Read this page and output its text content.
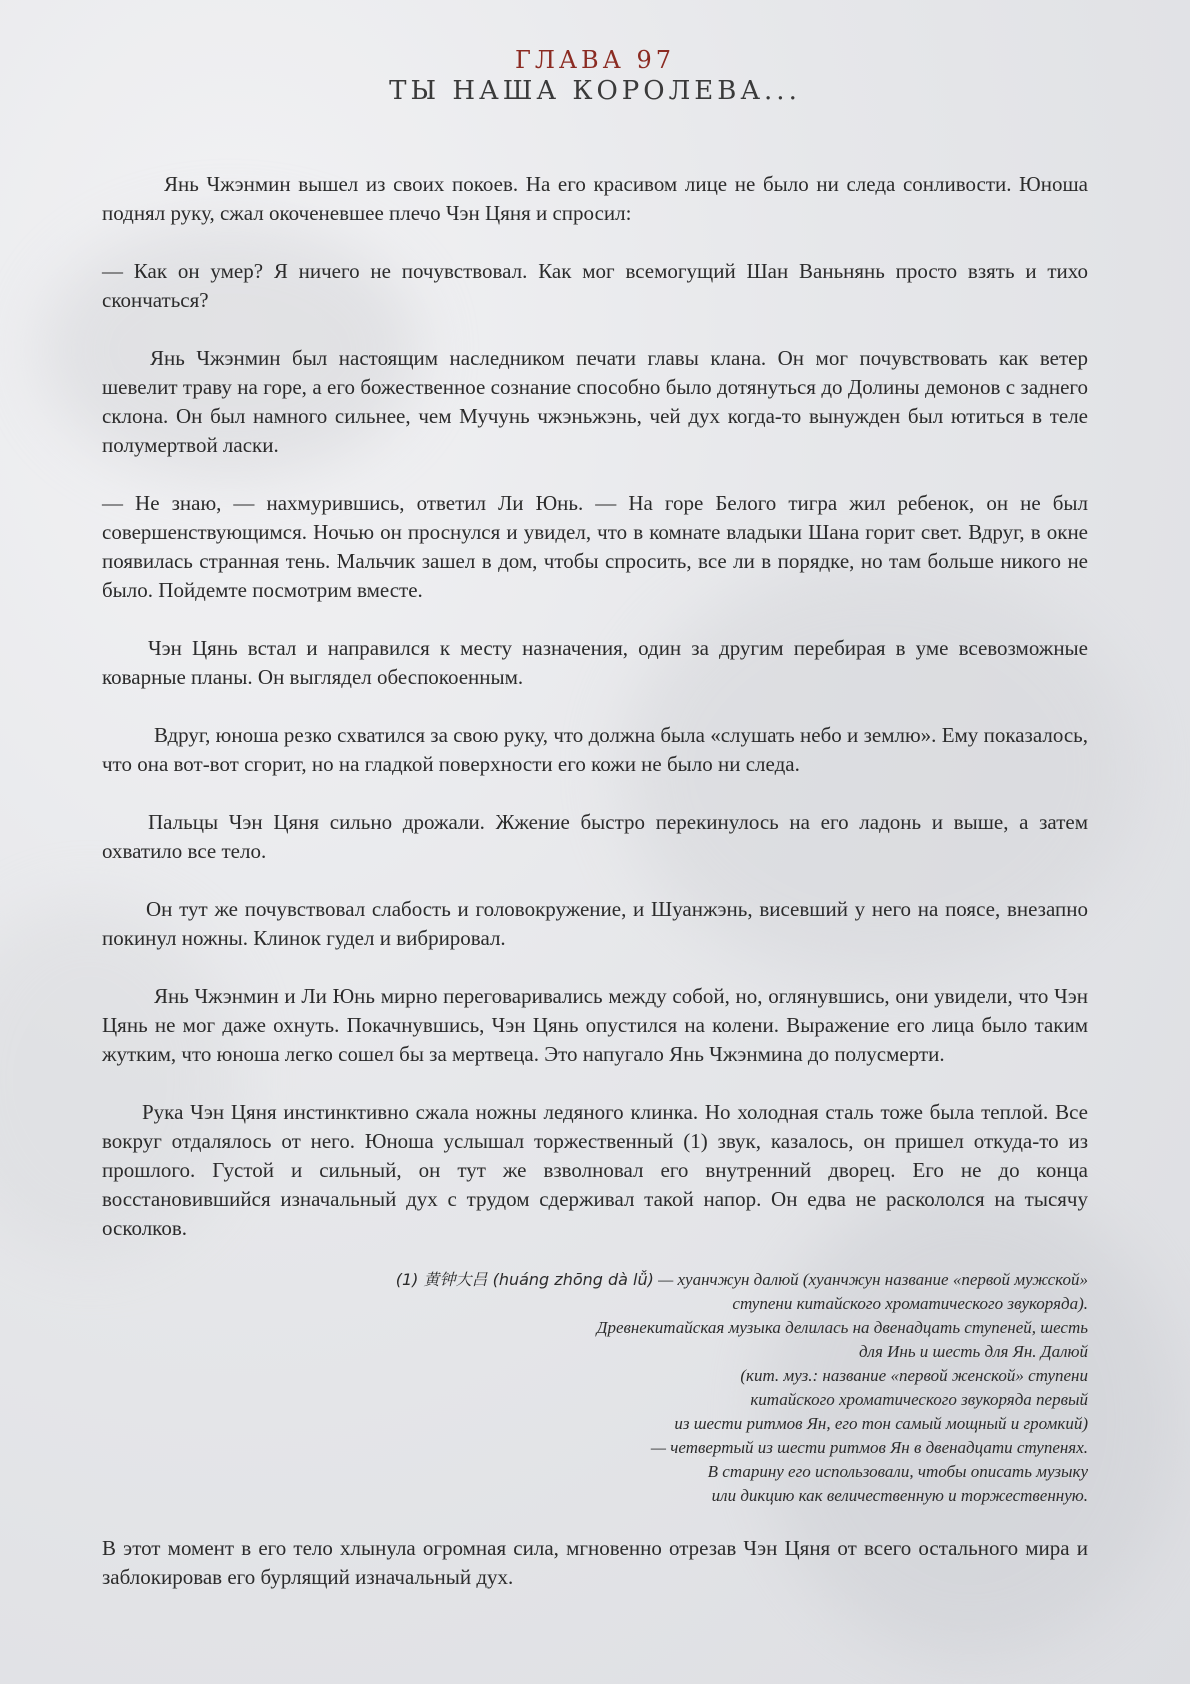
ГЛАВА 97
ТЫ НАША КОРОЛЕВА...

Янь Чжэнмин вышел из своих покоев. На его красивом лице не было ни следа сонливости. Юноша поднял руку, сжал окоченевшее плечо Чэн Цяня и спросил:

— Как он умер? Я ничего не почувствовал. Как мог всемогущий Шан Ваньнянь просто взять и тихо скончаться?

Янь Чжэнмин был настоящим наследником печати главы клана. Он мог почувствовать как ветер шевелит траву на горе, а его божественное сознание способно было дотянуться до Долины демонов с заднего склона. Он был намного сильнее, чем Мучунь чжэньжэнь, чей дух когда-то вынужден был ютиться в теле полумертвой ласки.

— Не знаю, — нахмурившись, ответил Ли Юнь. — На горе Белого тигра жил ребенок, он не был совершенствующимся. Ночью он проснулся и увидел, что в комнате владыки Шана горит свет. Вдруг, в окне появилась странная тень. Мальчик зашел в дом, чтобы спросить, все ли в порядке, но там больше никого не было. Пойдемте посмотрим вместе.

Чэн Цянь встал и направился к месту назначения, один за другим перебирая в уме всевозможные коварные планы. Он выглядел обеспокоенным.

Вдруг, юноша резко схватился за свою руку, что должна была «слушать небо и землю». Ему показалось, что она вот-вот сгорит, но на гладкой поверхности его кожи не было ни следа.

Пальцы Чэн Цяня сильно дрожали. Жжение быстро перекинулось на его ладонь и выше, а затем охватило все тело.

Он тут же почувствовал слабость и головокружение, и Шуанжэнь, висевший у него на поясе, внезапно покинул ножны. Клинок гудел и вибрировал.

Янь Чжэнмин и Ли Юнь мирно переговаривались между собой, но, оглянувшись, они увидели, что Чэн Цянь не мог даже охнуть. Покачнувшись, Чэн Цянь опустился на колени. Выражение его лица было таким жутким, что юноша легко сошел бы за мертвеца. Это напугало Янь Чжэнмина до полусмерти.

Рука Чэн Цяня инстинктивно сжала ножны ледяного клинка. Но холодная сталь тоже была теплой. Все вокруг отдалялось от него. Юноша услышал торжественный (1) звук, казалось, он пришел откуда-то из прошлого. Густой и сильный, он тут же взволновал его внутренний дворец. Его не до конца восстановившийся изначальный дух с трудом сдерживал такой напор. Он едва не раскололся на тысячу осколков.

(1) 黄钟大吕 (huáng zhōng dà lǚ) — хуанчжун далюй (хуанчжун название «первой мужской»
ступени китайского хроматического звукоряда).
Древнекитайская музыка делилась на двенадцать ступеней, шесть
для Инь и шесть для Ян. Далюй
(кит. муз.: название «первой женской» ступени
китайского хроматического звукоряда первый
из шести ритмов Ян, его тон самый мощный и громкий)
— четвертый из шести ритмов Ян в двенадцати ступенях.
В старину его использовали, чтобы описать музыку
или дикцию как величественную и торжественную.

В этот момент в его тело хлынула огромная сила, мгновенно отрезав Чэн Цяня от всего остального мира и заблокировав его бурлящий изначальный дух.
